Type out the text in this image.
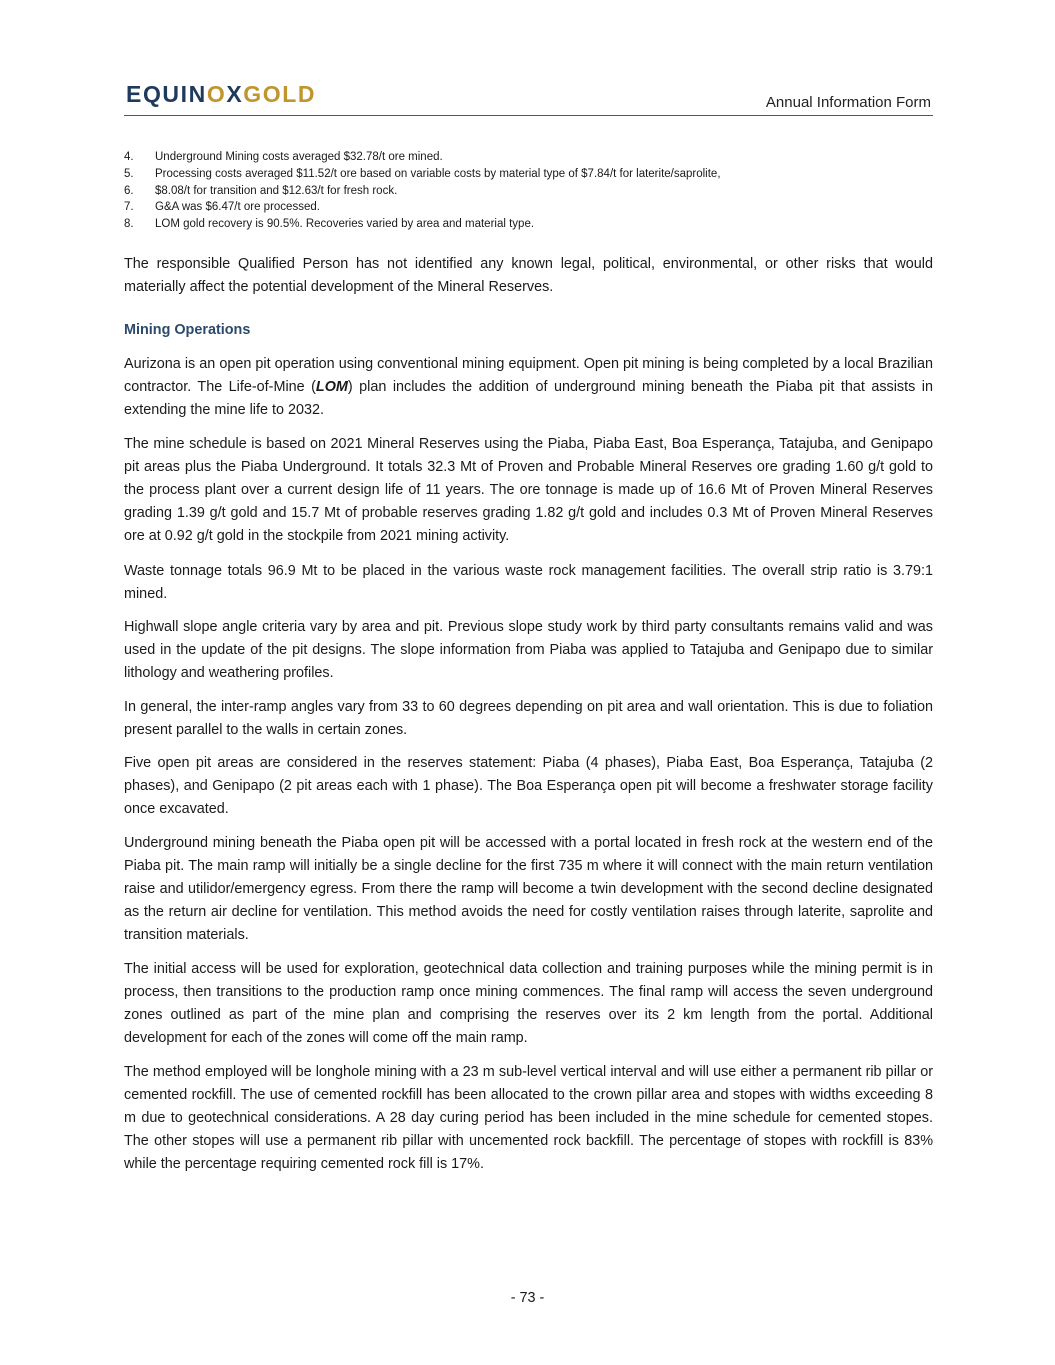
EQUINOXGOLD	Annual Information Form
4.	Underground Mining costs averaged $32.78/t ore mined.
5.	Processing costs averaged $11.52/t ore based on variable costs by material type of $7.84/t for laterite/saprolite,
6.	$8.08/t for transition and $12.63/t for fresh rock.
7.	G&A was $6.47/t ore processed.
8.	LOM gold recovery is 90.5%. Recoveries varied by area and material type.

The responsible Qualified Person has not identified any known legal, political, environmental, or other risks that would materially affect the potential development of the Mineral Reserves.

Mining Operations

Aurizona is an open pit operation using conventional mining equipment. Open pit mining is being completed by a local Brazilian contractor. The Life-of-Mine (LOM) plan includes the addition of underground mining beneath the Piaba pit that assists in extending the mine life to 2032.

The mine schedule is based on 2021 Mineral Reserves using the Piaba, Piaba East, Boa Esperança, Tatajuba, and Genipapo pit areas plus the Piaba Underground. It totals 32.3 Mt of Proven and Probable Mineral Reserves ore grading 1.60 g/t gold to the process plant over a current design life of 11 years. The ore tonnage is made up of 16.6 Mt of Proven Mineral Reserves grading 1.39 g/t gold and 15.7 Mt of probable reserves grading 1.82 g/t gold and includes 0.3 Mt of Proven Mineral Reserves ore at 0.92 g/t gold in the stockpile from 2021 mining activity.

Waste tonnage totals 96.9 Mt to be placed in the various waste rock management facilities. The overall strip ratio is 3.79:1 mined.

Highwall slope angle criteria vary by area and pit. Previous slope study work by third party consultants remains valid and was used in the update of the pit designs. The slope information from Piaba was applied to Tatajuba and Genipapo due to similar lithology and weathering profiles.

In general, the inter-ramp angles vary from 33 to 60 degrees depending on pit area and wall orientation. This is due to foliation present parallel to the walls in certain zones.

Five open pit areas are considered in the reserves statement: Piaba (4 phases), Piaba East, Boa Esperança, Tatajuba (2 phases), and Genipapo (2 pit areas each with 1 phase). The Boa Esperança open pit will become a freshwater storage facility once excavated.

Underground mining beneath the Piaba open pit will be accessed with a portal located in fresh rock at the western end of the Piaba pit. The main ramp will initially be a single decline for the first 735 m where it will connect with the main return ventilation raise and utilidor/emergency egress. From there the ramp will become a twin development with the second decline designated as the return air decline for ventilation. This method avoids the need for costly ventilation raises through laterite, saprolite and transition materials.

The initial access will be used for exploration, geotechnical data collection and training purposes while the mining permit is in process, then transitions to the production ramp once mining commences. The final ramp will access the seven underground zones outlined as part of the mine plan and comprising the reserves over its 2 km length from the portal. Additional development for each of the zones will come off the main ramp.

The method employed will be longhole mining with a 23 m sub-level vertical interval and will use either a permanent rib pillar or cemented rockfill. The use of cemented rockfill has been allocated to the crown pillar area and stopes with widths exceeding 8 m due to geotechnical considerations. A 28 day curing period has been included in the mine schedule for cemented stopes. The other stopes will use a permanent rib pillar with uncemented rock backfill. The percentage of stopes with rockfill is 83% while the percentage requiring cemented rock fill is 17%.

- 73 -
